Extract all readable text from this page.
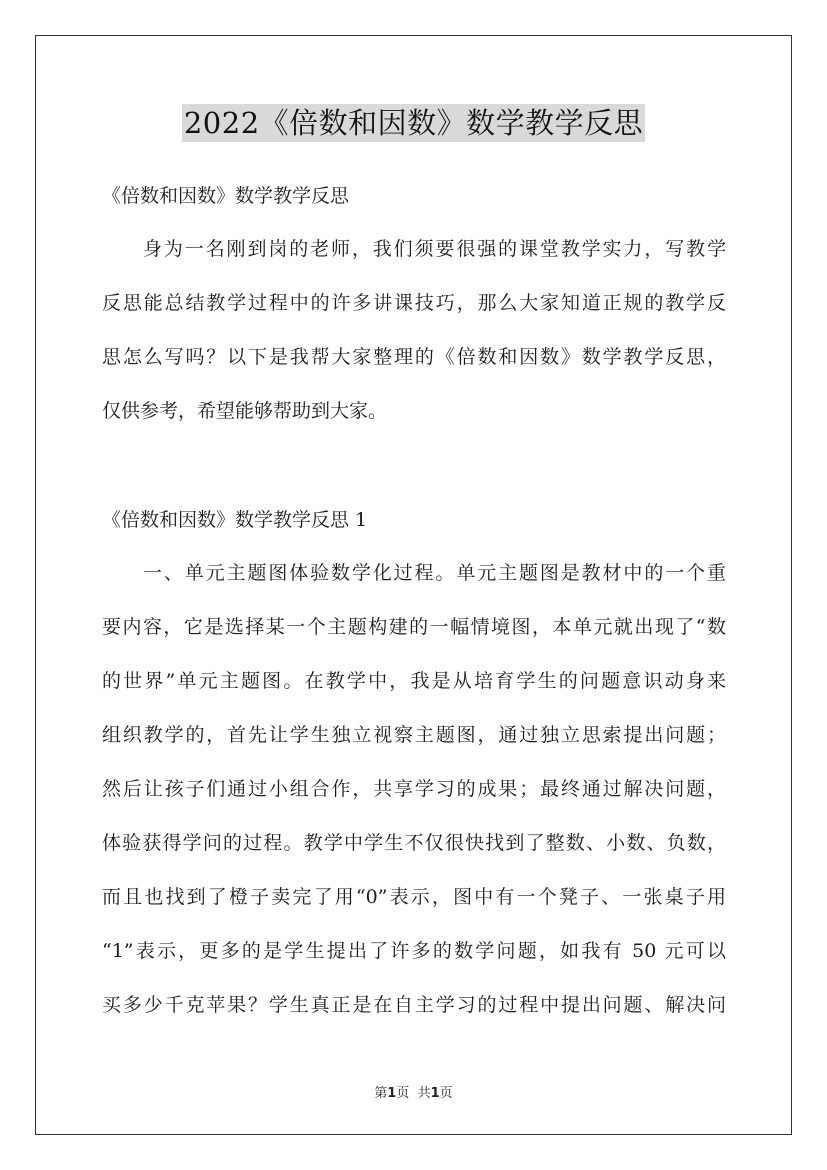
2022《倍数和因数》数学教学反思
《倍数和因数》数学教学反思
身为一名刚到岗的老师，我们须要很强的课堂教学实力，写教学
反思能总结教学过程中的许多讲课技巧，那么大家知道正规的教学反
思怎么写吗？以下是我帮大家整理的《倍数和因数》数学教学反思，
仅供参考，希望能够帮助到大家。
《倍数和因数》数学教学反思 1
一、单元主题图体验数学化过程。单元主题图是教材中的一个重
要内容，它是选择某一个主题构建的一幅情境图，本单元就出现了“数
的世界”单元主题图。在教学中，我是从培育学生的问题意识动身来
组织教学的，首先让学生独立视察主题图，通过独立思索提出问题；
然后让孩子们通过小组合作，共享学习的成果；最终通过解决问题，
体验获得学问的过程。教学中学生不仅很快找到了整数、小数、负数，
而且也找到了橙子卖完了用“0”表示，图中有一个凳子、一张桌子用
“1”表示，更多的是学生提出了许多的数学问题，如我有 50 元可以
买多少千克苹果？学生真正是在自主学习的过程中提出问题、解决问
第1页 共1页
